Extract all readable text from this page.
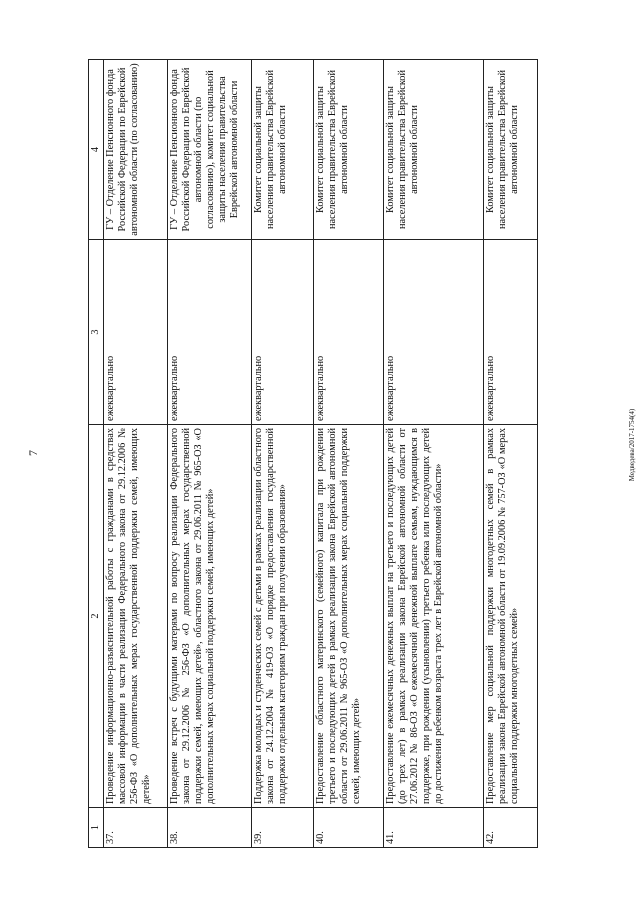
7
1	2	3	4
37.	Проведение информационно-разъяснительной работы с гражданами в средствах массовой информации в части реализации Федерального закона от 29.12.2006 № 256-ФЗ «О дополнительных мерах государственной поддержки семей, имеющих детей»	ежеквартально	ГУ – Отделение Пенсионного фонда Российской Федерации по Еврейской автономной области (по согласованию)
38.	Проведение встреч с будущими матерями по вопросу реализации Федерального закона от 29.12.2006 № 256-ФЗ «О дополнительных мерах государственной поддержки семей, имеющих детей», областного закона от 29.06.2011 № 965-ОЗ «О дополнительных мерах социальной поддержки семей, имеющих детей»	ежеквартально	ГУ – Отделение Пенсионного фонда Российской Федерации по Еврейской автономной области (по согласованию), комитет социальной защиты населения правительства Еврейской автономной области
39.	Поддержка молодых и студенческих семей с детьми в рамках реализации областного закона от 24.12.2004 № 419-ОЗ «О порядке предоставления государственной поддержки отдельным категориям граждан при получении образования»	ежеквартально	Комитет социальной защиты населения правительства Еврейской автономной области
40.	Предоставление областного материнского (семейного) капитала при рождении третьего и последующих детей в рамках реализации закона Еврейской автономной области от 29.06.2011 № 965-ОЗ «О дополнительных мерах социальной поддержки семей, имеющих детей»	ежеквартально	Комитет социальной защиты населения правительства Еврейской автономной области
41.	Предоставление ежемесячных денежных выплат на третьего и последующих детей (до трех лет) в рамках реализации закона Еврейской автономной области от 27.06.2012 № 86-ОЗ «О ежемесячной денежной выплате семьям, нуждающимся в поддержке, при рождении (усыновлении) третьего ребенка или последующих детей до достижения ребенком возраста трех лет в Еврейской автономной области»	ежеквартально	Комитет социальной защиты населения правительства Еврейской автономной области
42.	Предоставление мер социальной поддержки многодетных семей в рамках реализации закона Еврейской автономной области от 19.09.2006 № 757-ОЗ «О мерах социальной поддержки многодетных семей»	ежеквартально	Комитет социальной защиты населения правительства Еврейской автономной области
Медведева/2017-1754(4)
